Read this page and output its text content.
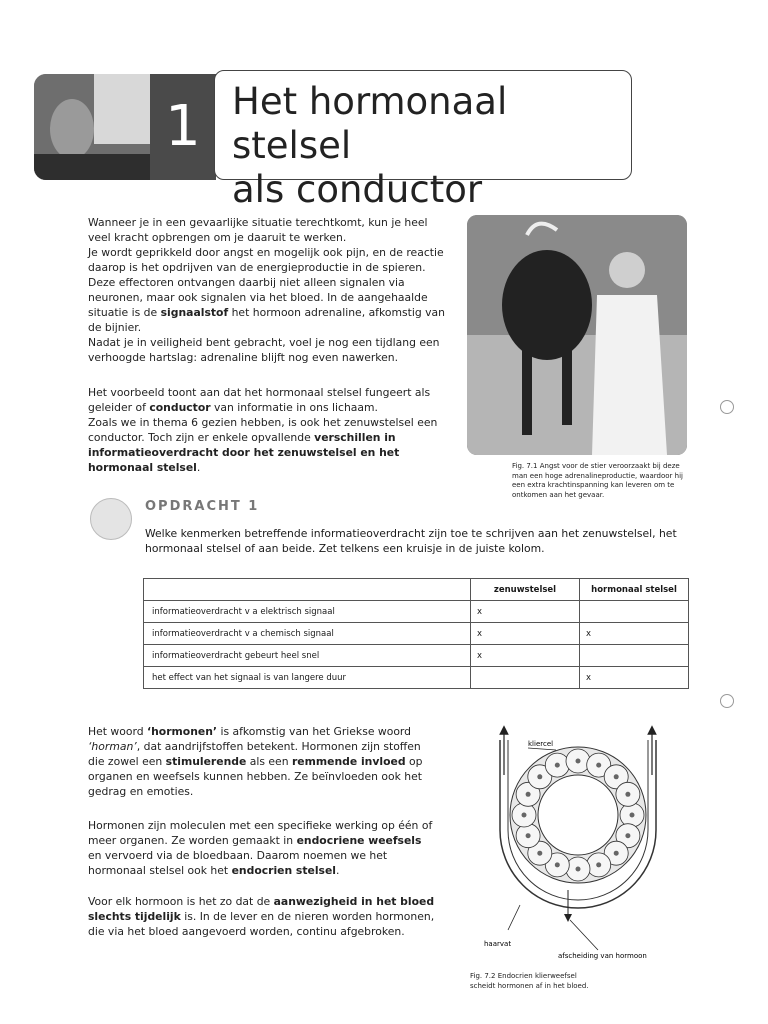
1 Het hormonaal stelsel
als conductor
Wanneer je in een gevaarlijke situatie terechtkomt, kun je heel veel kracht opbrengen om je daaruit te werken.
Je wordt geprikkeld door angst en mogelijk ook pijn, en de reactie daarop is het opdrijven van de energieproductie in de spieren. Deze effectoren ontvangen daarbij niet alleen signalen via neuronen, maar ook signalen via het bloed. In de aangehaalde situatie is de signaalstof het hormoon adrenaline, afkomstig van de bijnier.
Nadat je in veiligheid bent gebracht, voel je nog een tijdlang een verhoogde hartslag: adrenaline blijft nog even nawerken.
Het voorbeeld toont aan dat het hormonaal stelsel fungeert als geleider of conductor van informatie in ons lichaam.
Zoals we in thema 6 gezien hebben, is ook het zenuwstelsel een conductor. Toch zijn er enkele opvallende verschillen in informatieoverdracht door het zenuwstelsel en het hormonaal stelsel.	Fig. 7.1 Angst voor de stier veroorzaakt bij deze man een hoge adrenalineproductie, waardoor hij een extra krachtinspanning kan leveren om te ontkomen aan het gevaar.
OPDRACHT 1
Welke kenmerken betreffende informatieoverdracht zijn toe te schrijven aan het zenuwstelsel, het hormonaal stelsel of aan beide. Zet telkens een kruisje in de juiste kolom.
	zenuwstelsel	hormonaal stelsel
informatieoverdracht v a elektrisch signaal	x	
informatieoverdracht v a chemisch signaal	x	x
informatieoverdracht gebeurt heel snel	x	
het effect van het signaal is van langere duur		x
Het woord ‘hormonen’ is afkomstig van het Griekse woord ‘horman’, dat aandrijfstoffen betekent. Hormonen zijn stoffen die zowel een stimulerende als een remmende invloed op organen en weefsels kunnen hebben. Ze beïnvloeden ook het gedrag en emoties.
Hormonen zijn moleculen met een specifieke werking op één of meer organen. Ze worden gemaakt in endocriene weefsels en vervoerd via de bloedbaan. Daarom noemen we het hormonaal stelsel ook het endocrien stelsel.
Voor elk hormoon is het zo dat de aanwezigheid in het bloed slechts tijdelijk is. In de lever en de nieren worden hormonen, die via het bloed aangevoerd worden, continu afgebroken.
kliercel
haarvat
afscheiding van hormoon
Fig. 7.2 Endocrien klierweefsel
scheidt hormonen af in het bloed.
